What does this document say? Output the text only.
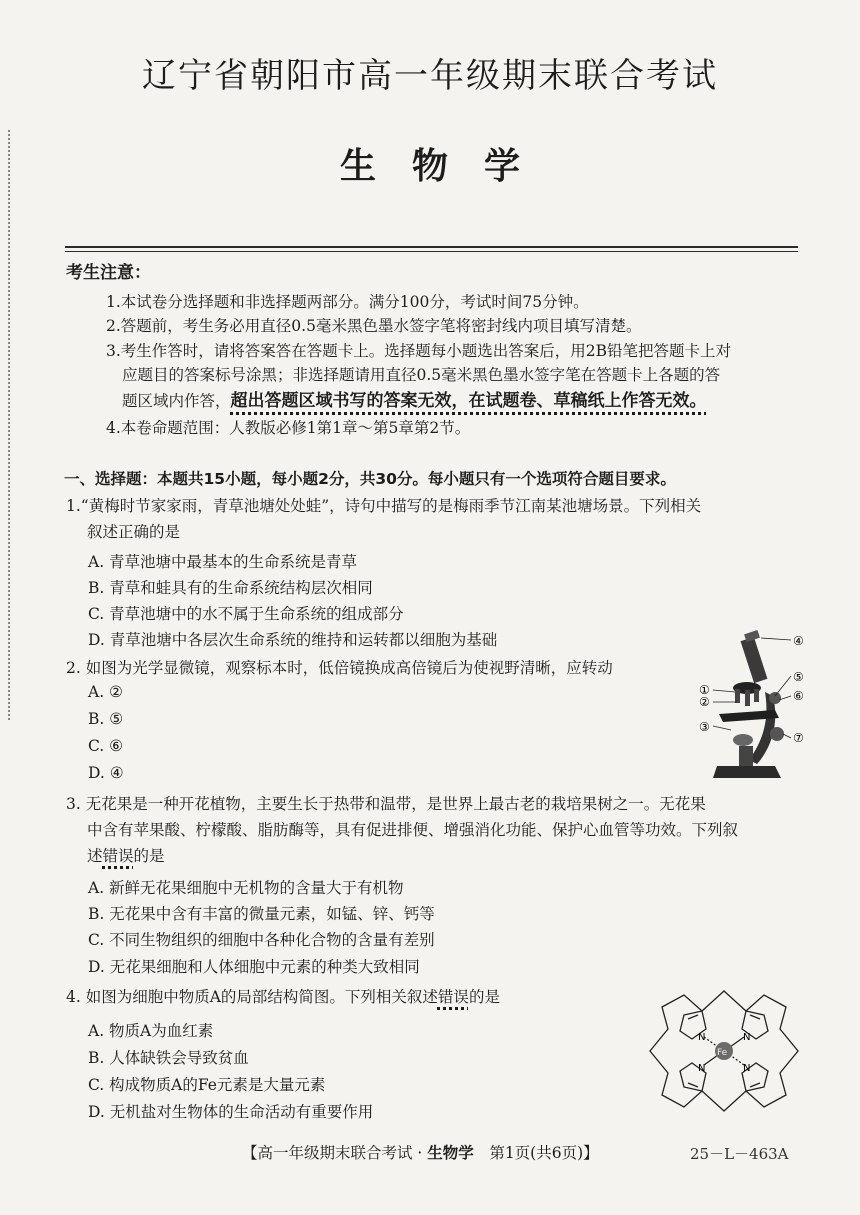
辽宁省朝阳市高一年级期末联合考试
生物学
考生注意：
1.本试卷分选择题和非选择题两部分。满分100分，考试时间75分钟。
2.答题前，考生务必用直径0.5毫米黑色墨水签字笔将密封线内项目填写清楚。
3.考生作答时，请将答案答在答题卡上。选择题每小题选出答案后，用2B铅笔把答题卡上对
应题目的答案标号涂黑；非选择题请用直径0.5毫米黑色墨水签字笔在答题卡上各题的答
题区域内作答，超出答题区域书写的答案无效，在试题卷、草稿纸上作答无效。
4.本卷命题范围：人教版必修1第1章～第5章第2节。
一、选择题：本题共15小题，每小题2分，共30分。每小题只有一个选项符合题目要求。
1.“黄梅时节家家雨，青草池塘处处蛙”，诗句中描写的是梅雨季节江南某池塘场景。下列相关
叙述正确的是
A. 青草池塘中最基本的生命系统是青草
B. 青草和蛙具有的生命系统结构层次相同
C. 青草池塘中的水不属于生命系统的组成部分
D. 青草池塘中各层次生命系统的维持和运转都以细胞为基础
2. 如图为光学显微镜，观察标本时，低倍镜换成高倍镜后为使视野清晰，应转动
A. ②
B. ⑤
C. ⑥
D. ④
④
⑤
①	⑥
②
③
⑦
3. 无花果是一种开花植物，主要生长于热带和温带，是世界上最古老的栽培果树之一。无花果
中含有苹果酸、柠檬酸、脂肪酶等，具有促进排便、增强消化功能、保护心血管等功效。下列叙
述错误的是
A. 新鲜无花果细胞中无机物的含量大于有机物
B. 无花果中含有丰富的微量元素，如锰、锌、钙等
C. 不同生物组织的细胞中各种化合物的含量有差别
D. 无花果细胞和人体细胞中元素的种类大致相同
4. 如图为细胞中物质A的局部结构简图。下列相关叙述错误的是
A. 物质A为血红素
B. 人体缺铁会导致贫血
C. 构成物质A的Fe元素是大量元素
D. 无机盐对生物体的生命活动有重要作用
N	N
N	N
Fe
【高一年级期末联合考试 · 生物学　第1页(共6页)】	25－L－463A
